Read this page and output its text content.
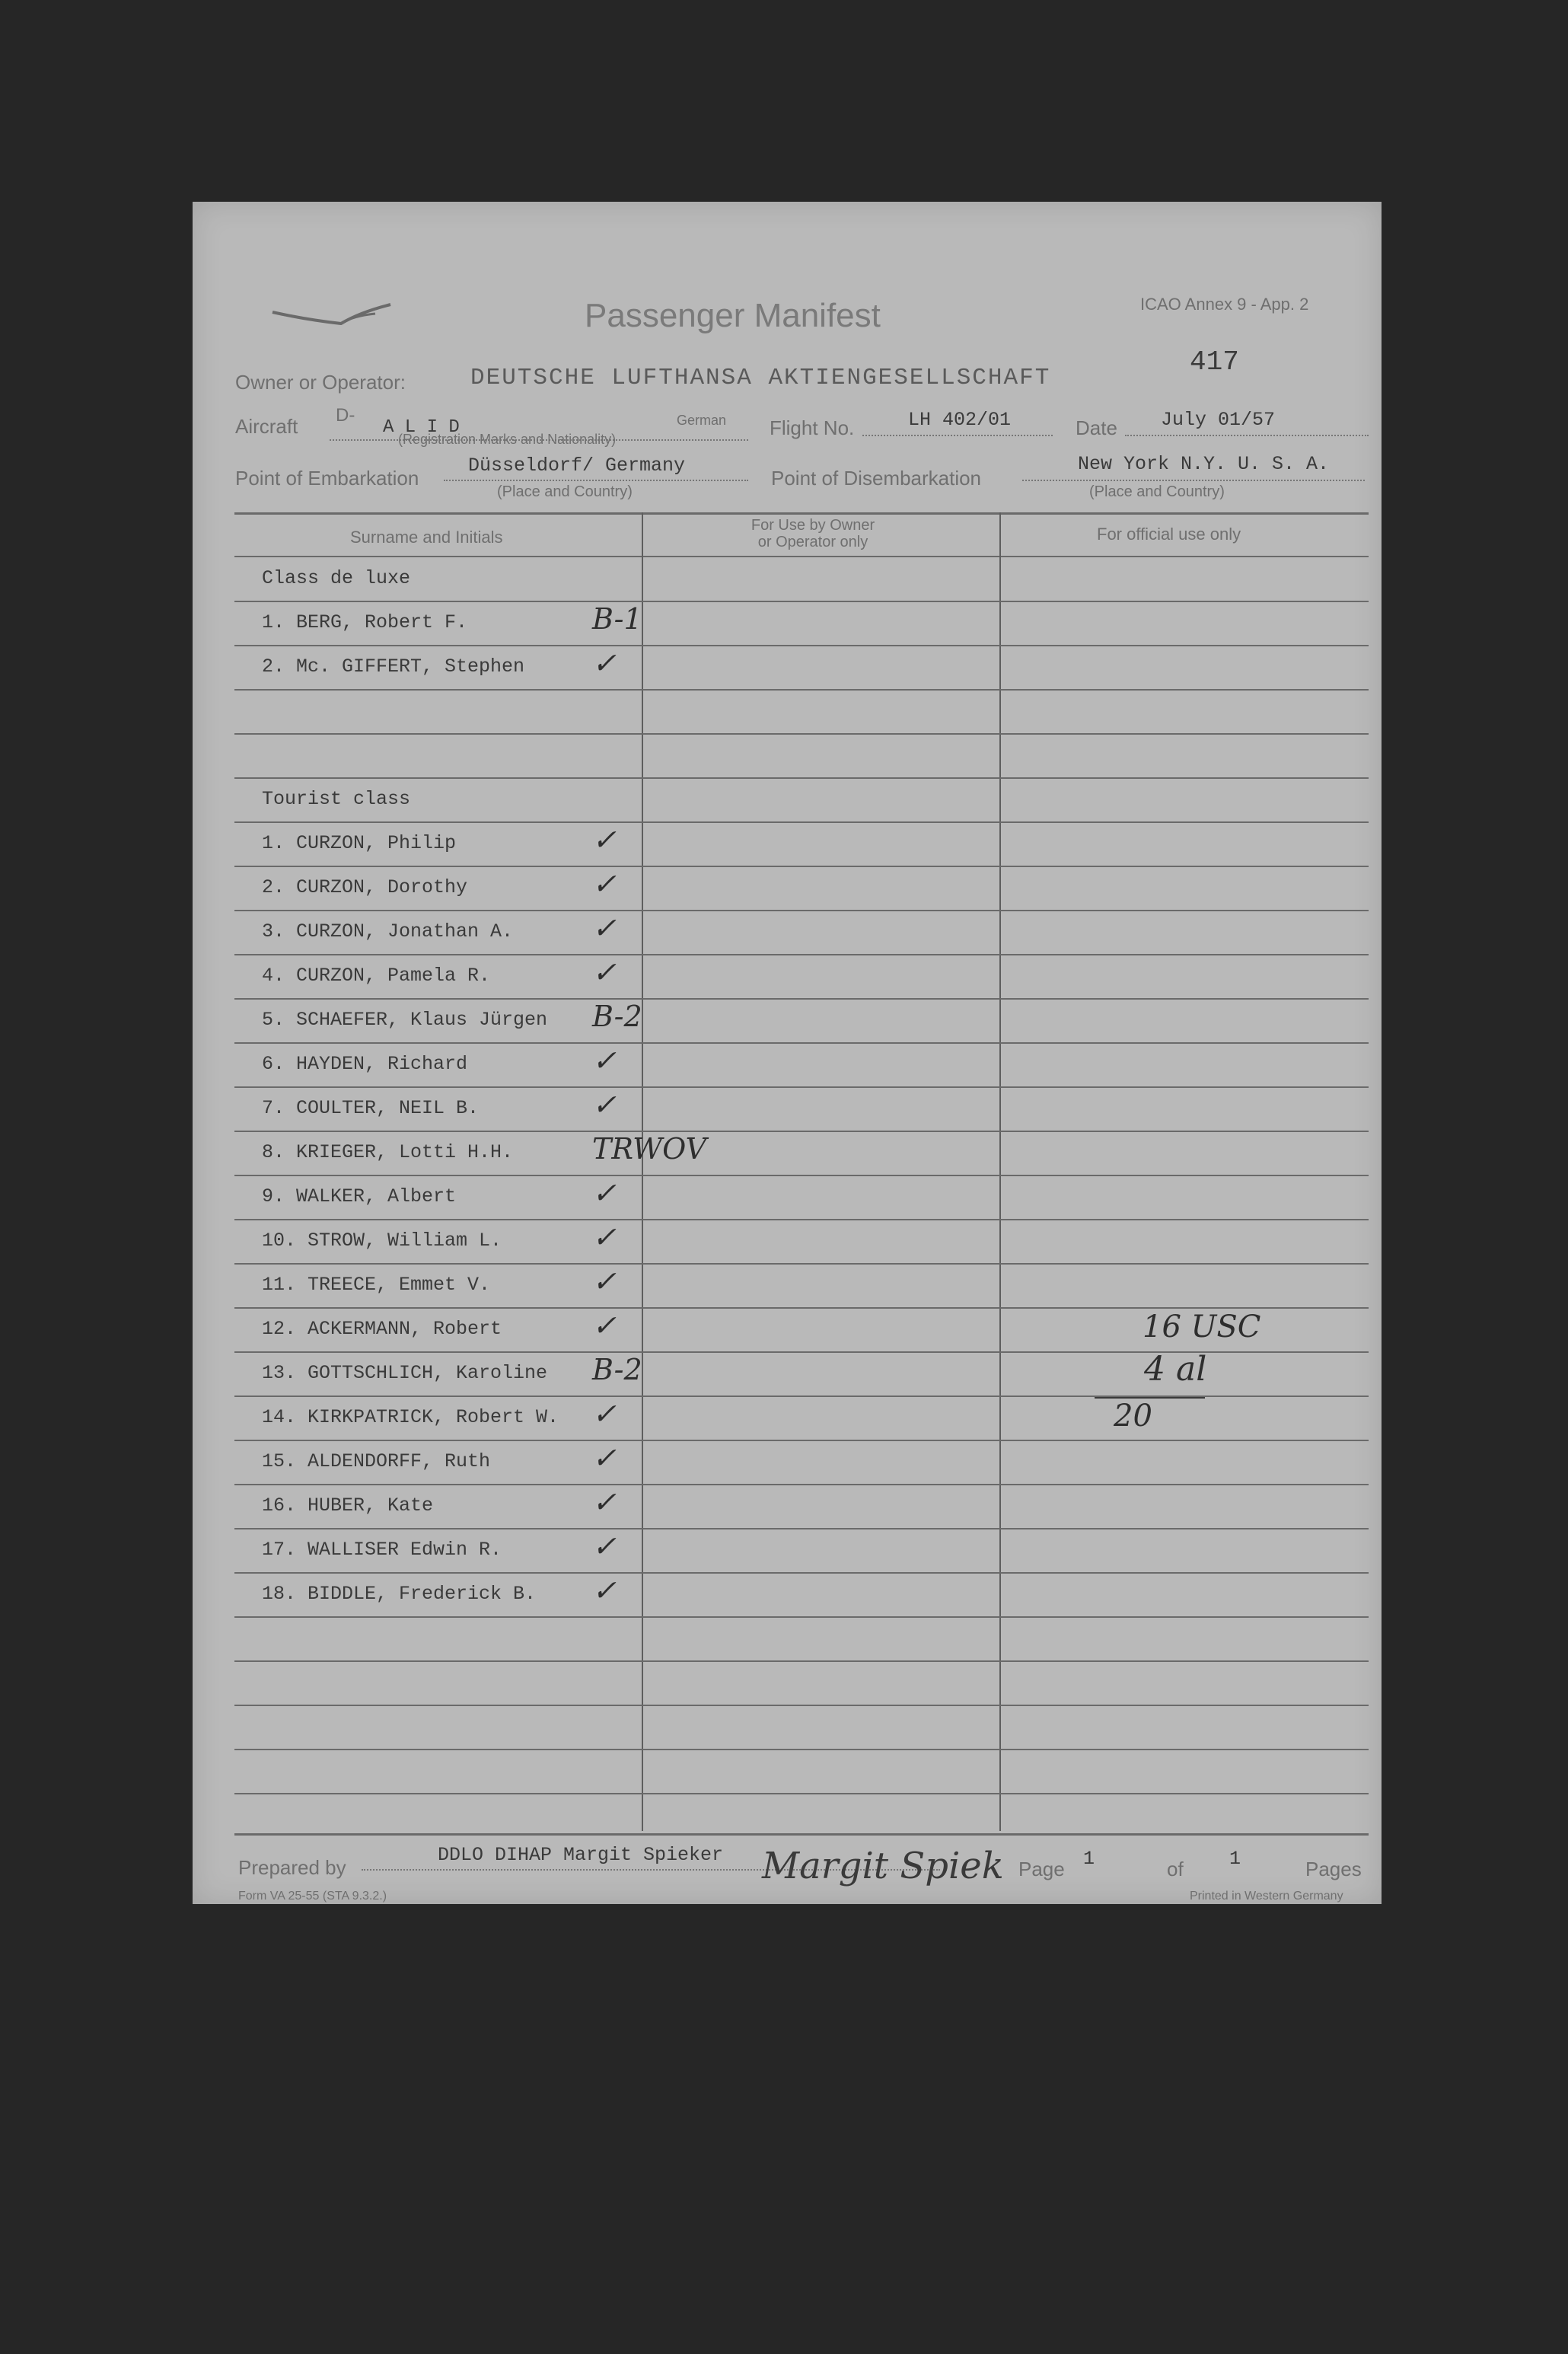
Passenger Manifest	ICAO Annex 9 - App. 2
417
Owner or Operator:	DEUTSCHE LUFTHANSA AKTIENGESELLSCHAFT
Aircraft D-
A L I D
(Registration Marks and Nationality)
German Flight No.	LH 402/01	Date July 01/57
Point of Embarkation
Düsseldorf/ Germany
(Place and Country)
Point of Disembarkation
New York N.Y. U. S. A.
(Place and Country)
Surname and Initials
For Use by Owner
or Operator only	For official use only
Class de luxe
1. BERG, Robert F.	B-1
2. Mc. GIFFERT, Stephen ✓
Tourist class
1. CURZON, Philip	✓
2. CURZON, Dorothy	✓
3. CURZON, Jonathan A.	✓
4. CURZON, Pamela R.	✓
5. SCHAEFER, Klaus Jürgen B-2
6. HAYDEN, Richard	✓
7. COULTER, NEIL B.	✓
8. KRIEGER, Lotti H.H.	TRWOV
9. WALKER, Albert	✓
10. STROW, William L.	✓
11. TREECE, Emmet V.	✓
12. ACKERMANN, Robert	✓
13. GOTTSCHLICH, Karoline B-2
14. KIRKPATRICK, Robert W. ✓
15. ALDENDORFF, Ruth	✓
16. HUBER, Kate	✓
17. WALLISER Edwin R.	✓
18. BIDDLE, Frederick B. ✓
16 USC
4 al
20
Prepared by
DDLO DIHAP Margit Spieker Margit Spiek Page 1	of 1	Pages
Form VA 25-55 (STA 9.3.2.)	Printed in Western Germany
